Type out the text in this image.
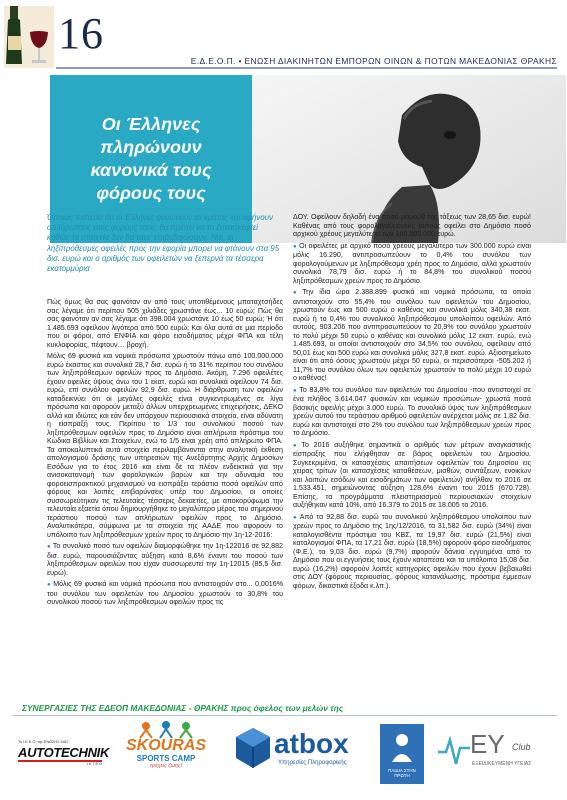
16
Ε.Δ.Ε.Ο.Π. • ΕΝΩΣΗ ΔΙΑΚΙΝΗΤΩΝ ΕΜΠΟΡΩΝ ΟΙΝΩΝ & ΠΟΤΩΝ ΜΑΚΕΔΟΝΙΑΣ ΘΡΑΚΗΣ
Οι Έλληνες πληρώνουν κανονικά τους φόρους τους
Όποιος πιστεύει ότι οι Έλληνες φεσώνουν το κράτος και αφήνουν απλήρωτους τους φόρους τους, θα πρέπει να το ξανασκεφτεί καθώς τα στοιχεία δεν θα τους επιβεβαιώσουν. Ναι, οι ληξιπρόθεσμες οφειλές προς την εφορία μπορεί να φτάνουν στα 95 δισ. ευρώ και ο αριθμός των οφειλετών να ξεπερνά τα τέσσερα εκατομμύρια

Πώς όμως θα σας φαινόταν αν από τους υποτιθέμενους μπαταχτσήδες σας λέγαμε ότι περίπου 505 χιλιάδες χρωστάνε έως... 10 ευρώ; Πώς θα σας φαινόταν αν σας λέγαμε ότι 398.004 χρωστάνε 10 έως 50 ευρώ; Ή ότι 1.485.693 οφείλουν λιγότερα από 500 ευρώ; Και όλα αυτά σε μια περίοδο που οι φόροι, από ΕΝΦΙΑ και φόρο εισοδήματος μέχρι ΦΠΑ και τέλη κυκλοφορίας, πέφτουν… βροχή.

Μόλις 69 φυσικά και νομικά πρόσωπα χρωστούν πάνω από 100.000.000 ευρώ έκαστος και συνολικά 28,7 δισ. ευρώ ή το 31% περίπου του συνόλου των ληξιπρόθεσμων οφειλών προς το Δημόσιο. Ακόμη, 7.296 οφειλέτες έχουν οφειλές ύψους άνω του 1 εκατ. ευρώ και συνολικά οφείλουν 74 δισ. ευρώ, επί συνόλου οφειλών 92,9 δισ. ευρώ. Η διάρθρωση των οφειλών καταδεικνύει ότι οι μεγάλες οφειλές είναι συγκεντρωμένες σε λίγα πρόσωπα και αφορούν μεταξύ άλλων υπερχρεωμένες επιχειρήσεις, ΔΕΚΟ αλλά και ιδιώτες και εάν δεν υπάρχουν περιουσιακά στοιχεία, είναι αδύνατη η είσπραξή τους. Περίπου το 1/3 του συνολικού ποσού των ληξιπρόθεσμων οφειλών προς το Δημόσιο είναι απλήρωτα πρόστιμα του Κώδικα Βιβλίων και Στοιχείων, ενώ το 1/5 είναι χρέη από απλήρωτο ΦΠΑ. Τα αποκαλυπτικά αυτά στοιχεία περιλαμβάνονται στην αναλυτική έκθεση απολογισμού δράσης των υπηρεσιών της Ανεξάρτητης Αρχής Δημοσίων Εσόδων για το έτος 2016 και είναι δε τα πλέον ενδεικτικά για την ανισοκατανομή των φορολογικών βαρών και την αδυναμία του φοροεισπρακτικού μηχανισμού να εισπράξει τεράστια ποσά οφειλών από φόρους και λοιπές επιβαρύνσεις υπέρ του Δημοσίου, οι οποίες συσσωρεύτηκαν τις τελευταίες τέσσερις δεκαετίες, με αποκορύφωμα την τελευταία εξαετία όπου δημιουργήθηκε το μεγαλύτερο μέρος του σημερινού τεράστιου ποσού των απλήρωτων οφειλών προς το Δημόσιο. Αναλυτικότερα, σύμφωνα με τα στοιχεία της ΑΑΔΕ που αφορούν το υπόλοιπο των ληξιπρόθεσμων χρεών προς το Δημόσιο την 1η-12-2016:

● Το συνολικό ποσό των οφειλών διαμορφώθηκε την 1η-122016 σε 92,882 δισ. ευρώ, παρουσιάζοντας αύξηση κατά 8,6% έναντι του ποσού των ληξιπρόθεσμων οφειλών που είχαν συσσωρευτεί την 1η-12015 (85,5 δισ. ευρώ).
● Μόλις 69 φυσικά και νομικά πρόσωπα που αντιστοιχούν στο... 0,0016% του συνόλου των οφειλετών του Δημοσίου χρωστούν το 30,8% του συνολικού ποσού των ληξιπρόθεσμων οφειλών προς τις

ΔΟΥ. Οφείλουν δηλαδή ένα ποσό μαμούθ της τάξεως των 28,65 δισ. ευρώ! Καθένας από τους φορολογούμενους αυτούς οφείλει στο Δημόσιο ποσό αρχικού χρέους μεγαλύτερο των 100.000.000 ευρώ.

● Οι οφειλέτες με αρχικό ποσό χρέους μεγαλύτερο των 300.000 ευρώ είναι μόλις 16.290, αντιπροσωπεύουν το 0,4% του συνόλου των φορολογούμενων με ληξιπρόθεσμα χρέη προς το Δημόσιο, αλλά χρωστούν συνολικά 78,79 δισ. ευρώ ή το 84,8% του συνολικού ποσού ληξιπρόθεσμων χρεών προς το Δημόσιο.
● Την ίδια ώρα 2.388.899 φυσικά και νομικά πρόσωπα, τα οποία αντιστοιχούν στο 55,4% του συνόλου των οφειλετών του Δημοσίου, χρωστούν έως και 500 ευρώ ο καθένας και συνολικά μόλις 340,38 εκατ. ευρώ ή το 0,4% του συνολικού ληξιπρόθεσμου υπολοίπου οφειλών. Από αυτούς, 903.206 που αντιπροσωπεύουν το 20,9% του συνόλου χρωστούν το πολύ μέχρι 50 ευρώ ο καθένας και συνολικά μόλις 12 εκατ. ευρώ, ενώ 1.485.693, οι οποίοι αντιστοιχούν στο 34,5% του συνόλου, οφείλουν από 50,01 έως και 500 ευρώ και συνολικά μόλις 327,8 εκατ. ευρώ. Αξιοσημείωτο είναι ότι από όσους χρωστούν μέχρι 50 ευρώ, οι περισσότεροι -505.202 ή 11,7% του συνόλου όλων των οφειλετών χρωστούν το πολύ μέχρι 10 ευρώ ο καθένας!
● Το 83,8% του συνόλου των οφειλετών του Δημοσίου -που αντιστοιχεί σε ένα πλήθος 3.614.047 φυσικών και νομικών προσώπων- χρωστά ποσά βασικής οφειλής μέχρι 3.000 ευρώ. Το συνολικό ύψος των ληξιπρόθεσμων χρεών αυτού του τεράστιου αριθμού οφειλετών ανέρχεται μόλις σε 1,82 δισ. ευρώ και αντιστοιχεί στο 2% του συνόλου των ληξιπρόθεσμων χρεών προς το Δημόσιο.
● Το 2016 αυξήθηκε σημαντικά ο αριθμός των μέτρων αναγκαστικής είσπραξης που ελήφθησαν σε βάρος οφειλετών του Δημοσίου. Συγκεκριμένα, οι κατασχέσεις απαιτήσεων οφειλετών του Δημοσίου εις χείρας τρίτων (οι κατασχέσεις καταθέσεων, μισθών, συντάξεων, ενοικίων και λοιπών εσόδων και εισοδημάτων των οφειλετών) ανήλθαν το 2016 σε 1.533.451, σημειώνοντας αύξηση 128,6% έναντι του 2015 (670.728). Επίσης, τα προγράμματα πλειστηριασμού περιουσιακών στοιχείων αυξήθηκαν κατά 10%, από 16.379 το 2015 σε 18.005 το 2016.
● Από τα 92,88 δισ. ευρώ του συνολικού ληξιπρόθεσμου υπολοίπου των χρεών προς το Δημόσιο της 1ης/12/2016, τα 31,582 δισ. ευρώ (34%) είναι καταλογισθέντα πρόστιμα του ΚΒΣ, τα 19,97 δισ. ευρώ (21,5%) είναι καταλογισμοί ΦΠΑ, τα 17,21 δισ. ευρώ (18,5%) αφορούν φόρο εισοδήματος (Φ.Ε.), τα 9,03 δισ. ευρώ (9,7%) αφορούν δάνεια εγγυημένα από το Δημόσιο που οι εγγυήσεις τους έχουν καταπέσει και τα υπόλοιπα 15,08 δισ. ευρώ (16,2%) αφορούν λοιπές κατηγορίες οφειλών που έχουν βεβαιωθεί στις ΔΟΥ (φόρους περιουσίας, φόρους κατανάλωσης, πρόστιμα έμμεσων φόρων, δικαστικά έξοδα κ.λπ.).
ΣΥΝΕΡΓΑΣΙΕΣ ΤΗΣ ΕΔΕΟΠ ΜΑΚΕΔΟΝΙΑΣ - ΘΡΑΚΗΣ προς όφελος των μελών της
Το Ι.Ε.Κ.Ο. της ΕΝΩΣΗΣ ΜΑΣ
AUTOTECHNIK
I.K.T.E.O
SKOURAS
SPORTS CAMP
τρέχεις ζωής!
atbox
Υπηρεσίες Πληροφορικής
ΠΑΙΔΙΑ ΣΤΗΝ ΠΡΩΤΗ
EY Club
ΕΞΕΙΔΙΚΕΥΜΕΝΗ ΥΓΕΙΑΣ
